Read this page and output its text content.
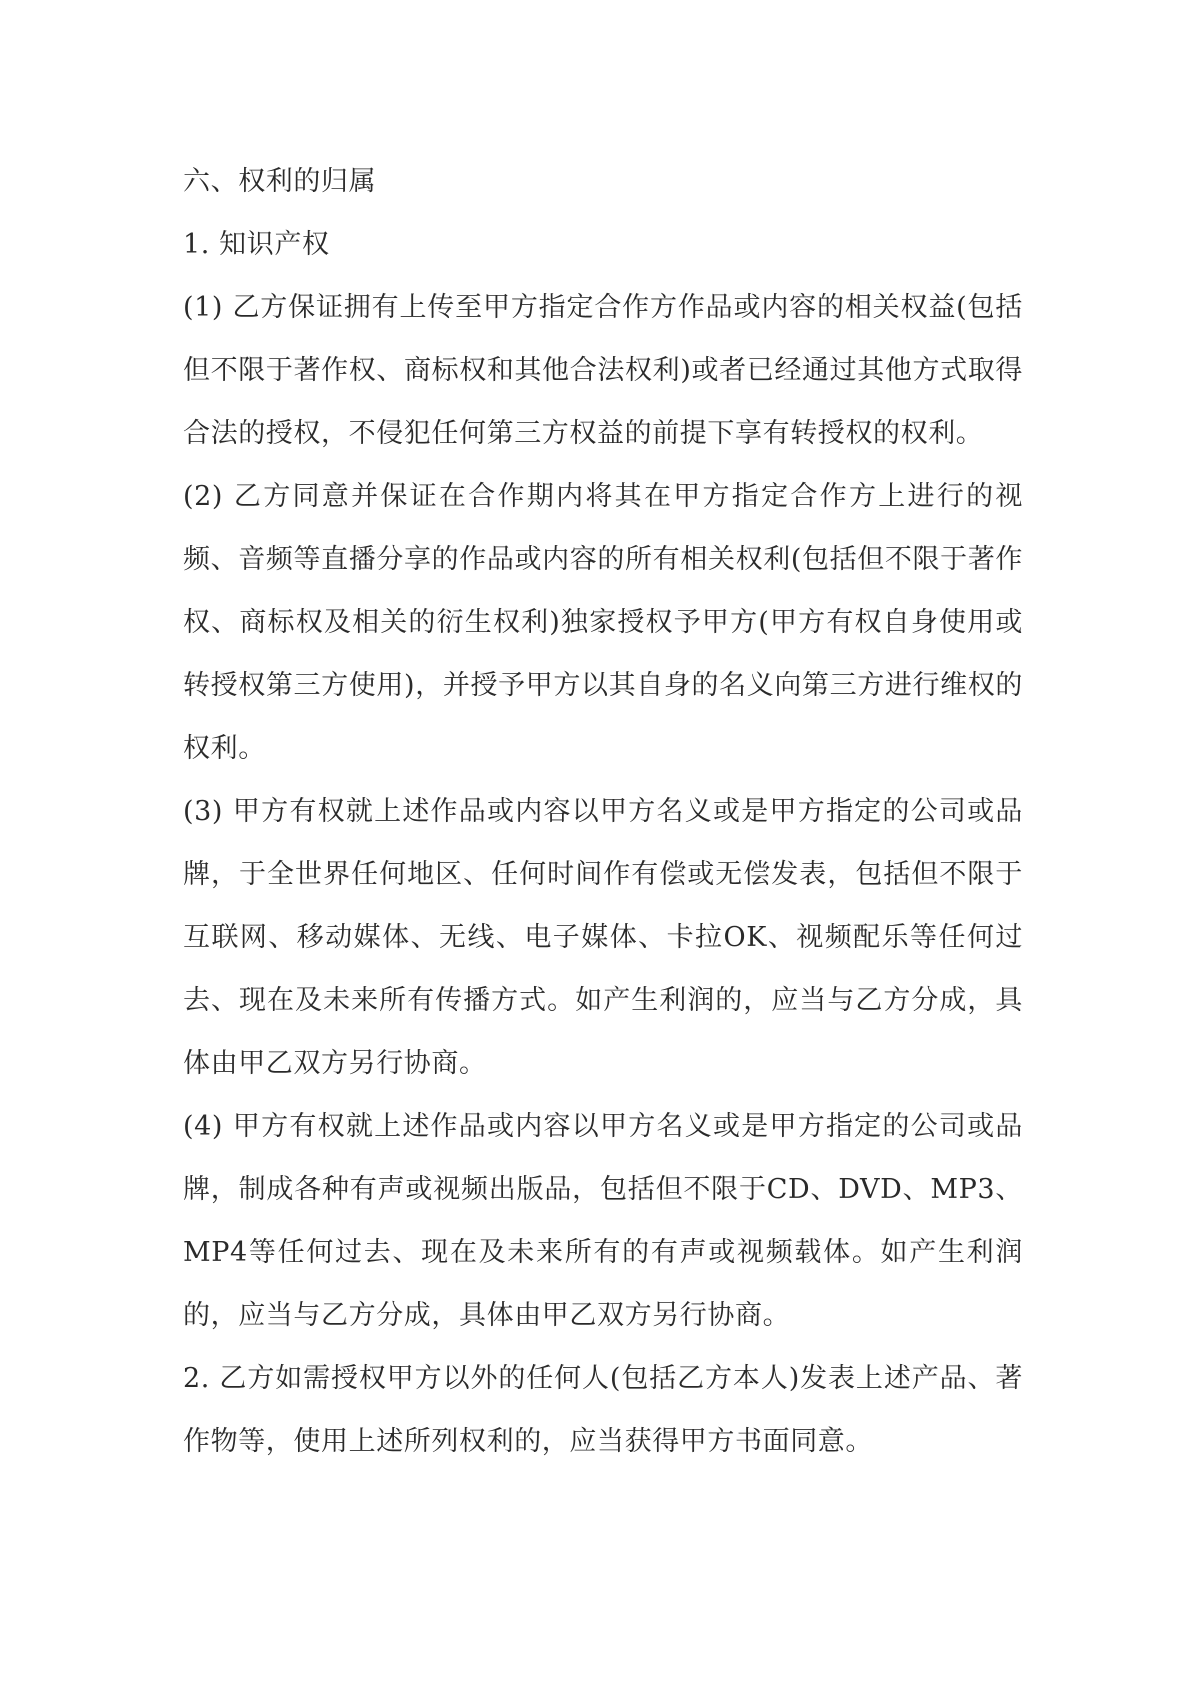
六、权利的归属
1. 知识产权
(1) 乙方保证拥有上传至甲方指定合作方作品或内容的相关权益(包括但不限于著作权、商标权和其他合法权利)或者已经通过其他方式取得合法的授权，不侵犯任何第三方权益的前提下享有转授权的权利。
(2) 乙方同意并保证在合作期内将其在甲方指定合作方上进行的视频、音频等直播分享的作品或内容的所有相关权利(包括但不限于著作权、商标权及相关的衍生权利)独家授权予甲方(甲方有权自身使用或转授权第三方使用)，并授予甲方以其自身的名义向第三方进行维权的权利。
(3) 甲方有权就上述作品或内容以甲方名义或是甲方指定的公司或品牌，于全世界任何地区、任何时间作有偿或无偿发表，包括但不限于互联网、移动媒体、无线、电子媒体、卡拉OK、视频配乐等任何过去、现在及未来所有传播方式。如产生利润的，应当与乙方分成，具体由甲乙双方另行协商。
(4) 甲方有权就上述作品或内容以甲方名义或是甲方指定的公司或品牌，制成各种有声或视频出版品，包括但不限于CD、DVD、MP3、MP4等任何过去、现在及未来所有的有声或视频载体。如产生利润的，应当与乙方分成，具体由甲乙双方另行协商。
2. 乙方如需授权甲方以外的任何人(包括乙方本人)发表上述产品、著作物等，使用上述所列权利的，应当获得甲方书面同意。
